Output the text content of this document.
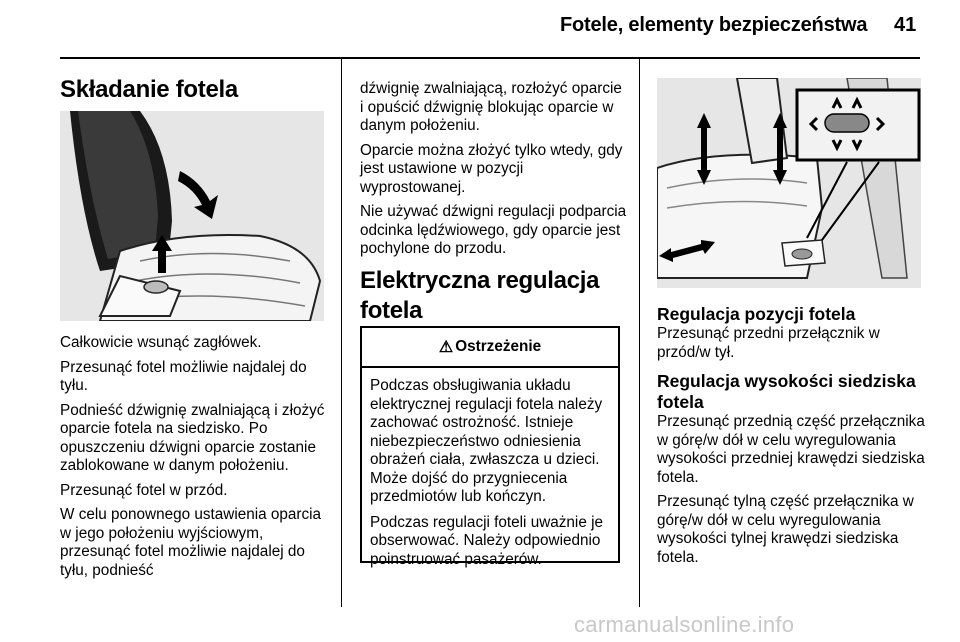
Fotele, elementy bezpieczeństwa 41
Składanie fotela

Całkowicie wsunąć zagłówek.

Przesunąć fotel możliwie najdalej do tyłu.

Podnieść dźwignię zwalniającą i złożyć oparcie fotela na siedzisko. Po opuszczeniu dźwigni oparcie zostanie zablokowane w danym położeniu.

Przesunąć fotel w przód.

W celu ponownego ustawienia oparcia w jego położeniu wyjściowym, przesunąć fotel możliwie najdalej do tyłu, podnieść

dźwignię zwalniającą, rozłożyć oparcie i opuścić dźwignię blokując oparcie w danym położeniu.

Oparcie można złożyć tylko wtedy, gdy jest ustawione w pozycji wyprostowanej.

Nie używać dźwigni regulacji podparcia odcinka lędźwiowego, gdy oparcie jest pochylone do przodu.

Elektryczna regulacja fotela
⚠ Ostrzeżenie

Podczas obsługiwania układu elektrycznej regulacji fotela należy zachować ostrożność. Istnieje niebezpieczeństwo odniesienia obrażeń ciała, zwłaszcza u dzieci. Może dojść do przygniecenia przedmiotów lub kończyn.

Podczas regulacji foteli uważnie je obserwować. Należy odpowiednio poinstruować pasażerów.

Regulacja pozycji fotela

Przesunąć przedni przełącznik w przód/w tył.

Regulacja wysokości siedziska fotela

Przesunąć przednią część przełącznika w górę/w dół w celu wyregulowania wysokości przedniej krawędzi siedziska fotela.

Przesunąć tylną część przełącznika w górę/w dół w celu wyregulowania wysokości tylnej krawędzi siedziska fotela.

carmanualsonline.info
